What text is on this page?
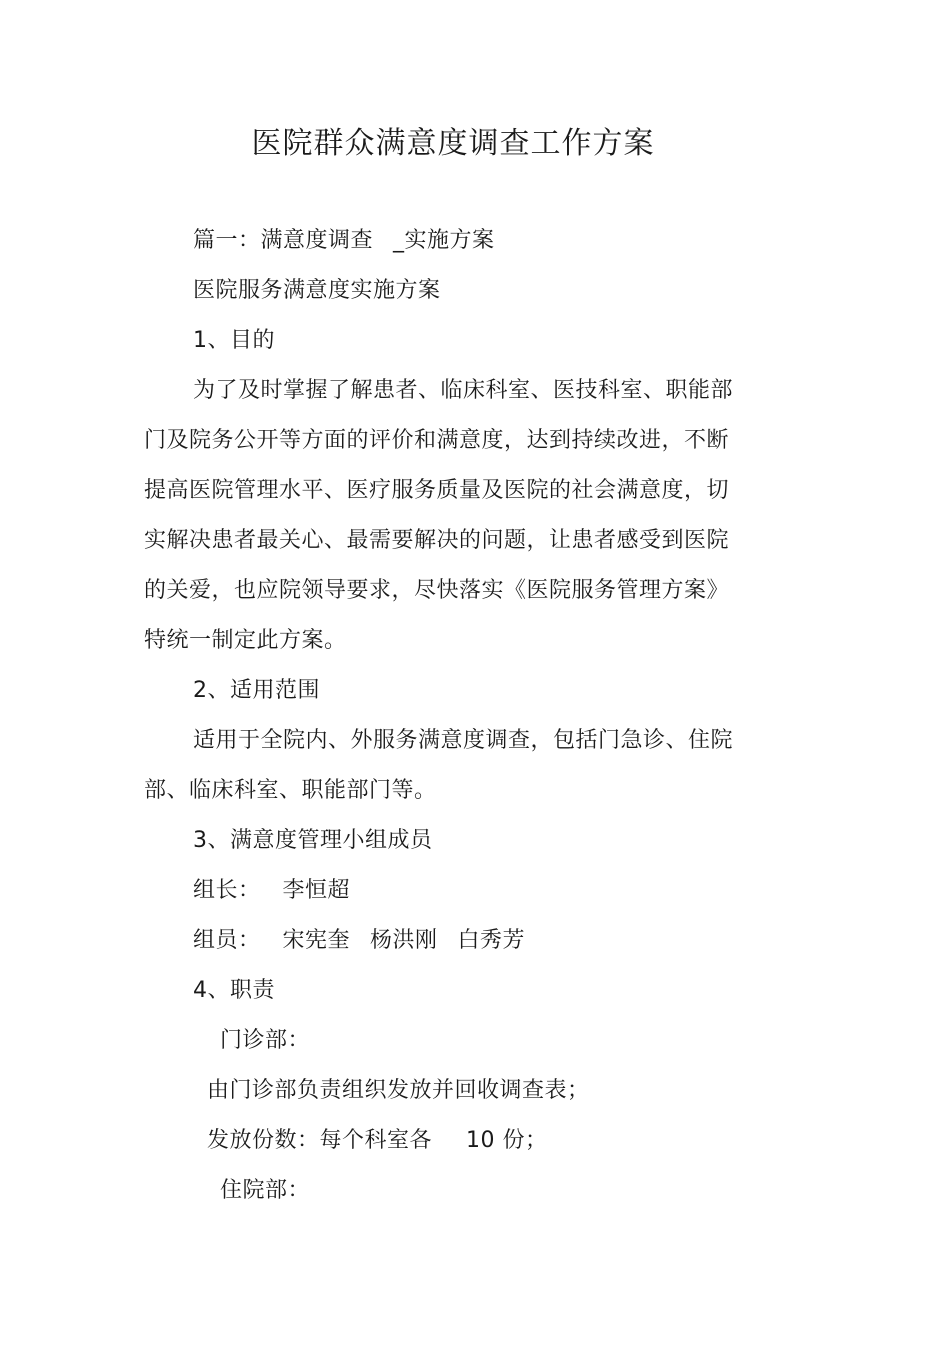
医院群众满意度调查工作方案
篇一：满意度调查 _实施方案
医院服务满意度实施方案
1、目的
为了及时掌握了解患者、临床科室、医技科室、职能部
门及院务公开等方面的评价和满意度，达到持续改进，不断
提高医院管理水平、医疗服务质量及医院的社会满意度，切
实解决患者最关心、最需要解决的问题，让患者感受到医院
的关爱，也应院领导要求，尽快落实《医院服务管理方案》
特统一制定此方案。
2、适用范围
适用于全院内、外服务满意度调查，包括门急诊、住院
部、临床科室、职能部门等。
3、满意度管理小组成员
组长： 李恒超
组员： 宋宪奎 杨洪刚 白秀芳
4、职责
门诊部：
由门诊部负责组织发放并回收调查表；
发放份数：每个科室各 10 份；
住院部：
